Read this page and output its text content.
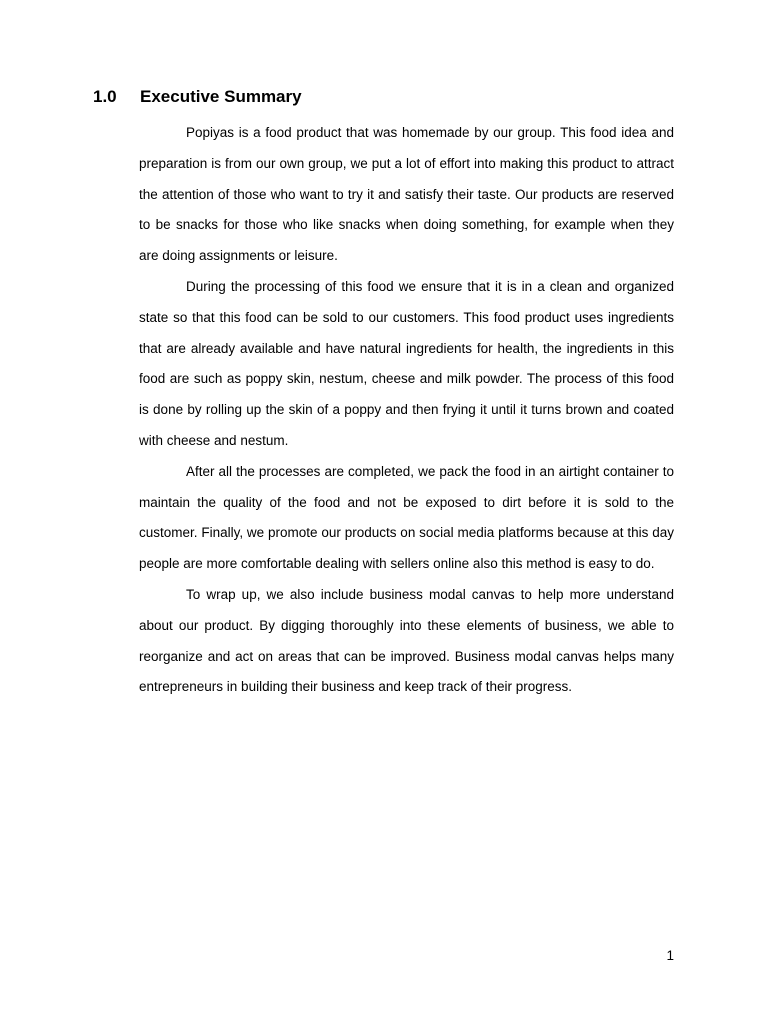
1.0 Executive Summary

Popiyas is a food product that was homemade by our group. This food idea and preparation is from our own group, we put a lot of effort into making this product to attract the attention of those who want to try it and satisfy their taste. Our products are reserved to be snacks for those who like snacks when doing something, for example when they are doing assignments or leisure.

During the processing of this food we ensure that it is in a clean and organized state so that this food can be sold to our customers. This food product uses ingredients that are already available and have natural ingredients for health, the ingredients in this food are such as poppy skin, nestum, cheese and milk powder. The process of this food is done by rolling up the skin of a poppy and then frying it until it turns brown and coated with cheese and nestum.

After all the processes are completed, we pack the food in an airtight container to maintain the quality of the food and not be exposed to dirt before it is sold to the customer. Finally, we promote our products on social media platforms because at this day people are more comfortable dealing with sellers online also this method is easy to do.

To wrap up, we also include business modal canvas to help more understand about our product. By digging thoroughly into these elements of business, we able to reorganize and act on areas that can be improved. Business modal canvas helps many entrepreneurs in building their business and keep track of their progress.

1
